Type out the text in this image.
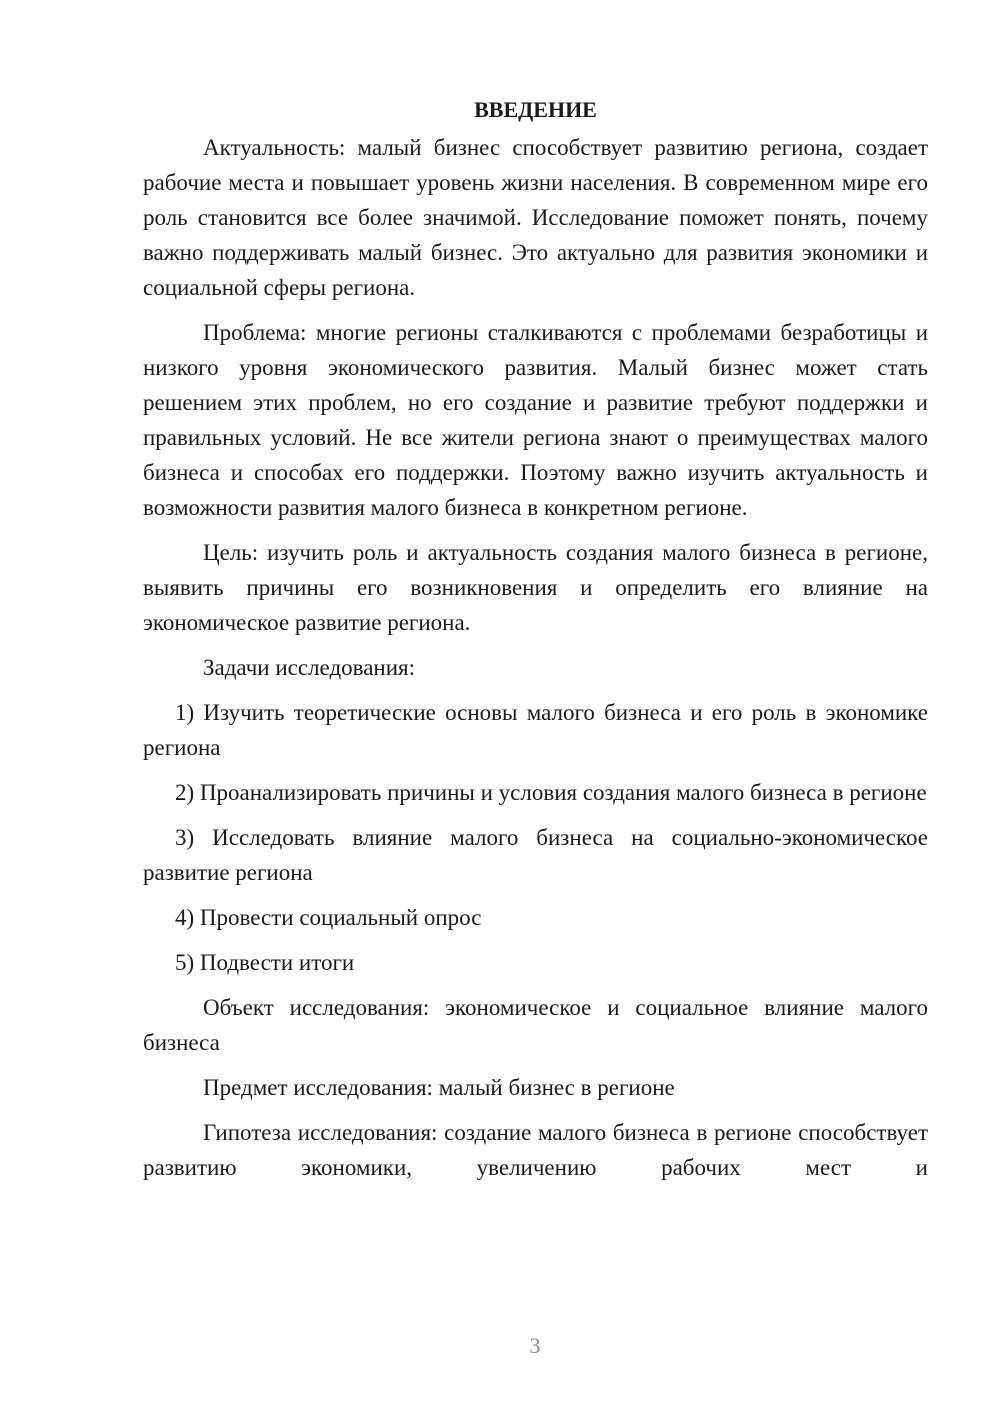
ВВЕДЕНИЕ

Актуальность: малый бизнес способствует развитию региона, создает рабочие места и повышает уровень жизни населения. В современном мире его роль становится все более значимой. Исследование поможет понять, почему важно поддерживать малый бизнес. Это актуально для развития экономики и социальной сферы региона.

Проблема: многие регионы сталкиваются с проблемами безработицы и низкого уровня экономического развития. Малый бизнес может стать решением этих проблем, но его создание и развитие требуют поддержки и правильных условий. Не все жители региона знают о преимуществах малого бизнеса и способах его поддержки. Поэтому важно изучить актуальность и возможности развития малого бизнеса в конкретном регионе.

Цель: изучить роль и актуальность создания малого бизнеса в регионе, выявить причины его возникновения и определить его влияние на экономическое развитие региона.

Задачи исследования:

1) Изучить теоретические основы малого бизнеса и его роль в экономике региона

2) Проанализировать причины и условия создания малого бизнеса в регионе

3) Исследовать влияние малого бизнеса на социально-экономическое развитие региона

4) Провести социальный опрос

5) Подвести итоги

Объект исследования: экономическое и социальное влияние малого бизнеса

Предмет исследования: малый бизнес в регионе

Гипотеза исследования: создание малого бизнеса в регионе способствует развитию экономики, увеличению рабочих мест и

3
